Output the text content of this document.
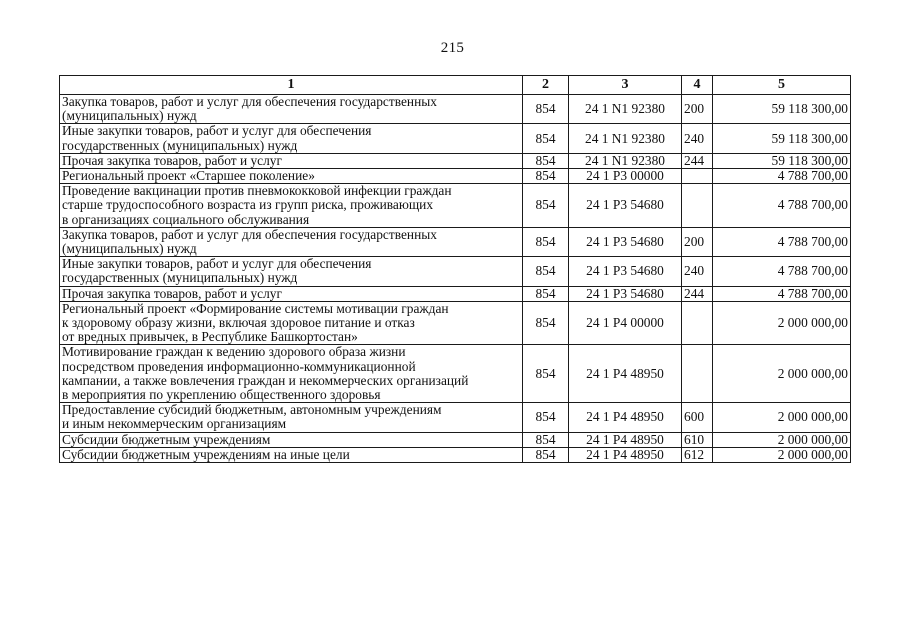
215
1	2	3	4	5

Закупка товаров, работ и услуг для обеспечения государственных
(муниципальных) нужд	854	24 1 N1 92380	200	59 118 300,00

Иные закупки товаров, работ и услуг для обеспечения
государственных (муниципальных) нужд	854	24 1 N1 92380	240	59 118 300,00

Прочая закупка товаров, работ и услуг	854	24 1 N1 92380	244	59 118 300,00

Региональный проект «Старшее поколение»	854	24 1 P3 00000		4 788 700,00

Проведение вакцинации против пневмококковой инфекции граждан
старше трудоспособного возраста из групп риска, проживающих
в организациях социального обслуживания	854	24 1 P3 54680		4 788 700,00

Закупка товаров, работ и услуг для обеспечения государственных
(муниципальных) нужд	854	24 1 P3 54680	200	4 788 700,00

Иные закупки товаров, работ и услуг для обеспечения
государственных (муниципальных) нужд	854	24 1 P3 54680	240	4 788 700,00

Прочая закупка товаров, работ и услуг	854	24 1 P3 54680	244	4 788 700,00

Региональный проект «Формирование системы мотивации граждан
к здоровому образу жизни, включая здоровое питание и отказ
от вредных привычек, в Республике Башкортостан»	854	24 1 P4 00000		2 000 000,00

Мотивирование граждан к ведению здорового образа жизни
посредством проведения информационно-коммуникационной
кампании, а также вовлечения граждан и некоммерческих организаций
в мероприятия по укреплению общественного здоровья	854	24 1 P4 48950		2 000 000,00

Предоставление субсидий бюджетным, автономным учреждениям
и иным некоммерческим организациям	854	24 1 P4 48950	600	2 000 000,00

Субсидии бюджетным учреждениям	854	24 1 P4 48950	610	2 000 000,00

Субсидии бюджетным учреждениям на иные цели	854	24 1 P4 48950	612	2 000 000,00
